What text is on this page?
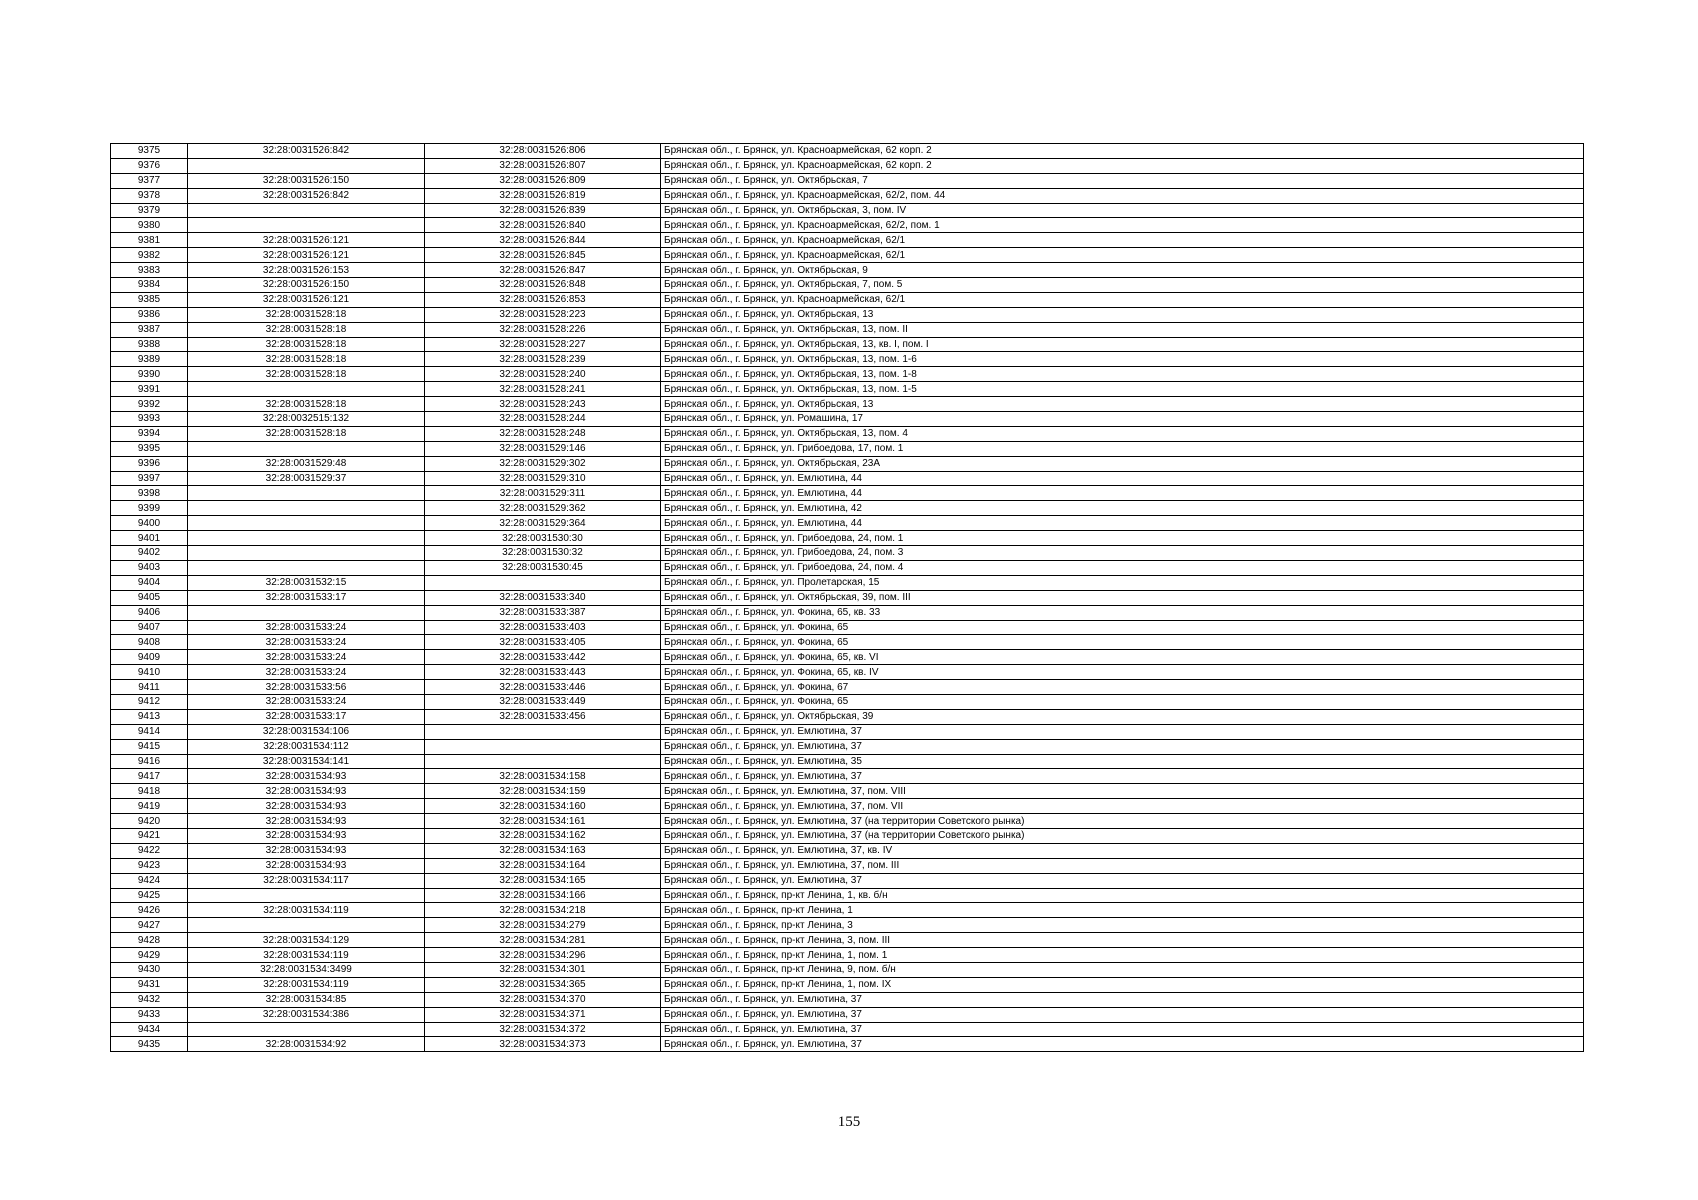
9375	32:28:0031526:842	32:28:0031526:806	Брянская обл., г. Брянск, ул. Красноармейская, 62 корп. 2
9376		32:28:0031526:807	Брянская обл., г. Брянск, ул. Красноармейская, 62 корп. 2
9377	32:28:0031526:150	32:28:0031526:809	Брянская обл., г. Брянск, ул. Октябрьская, 7
9378	32:28:0031526:842	32:28:0031526:819	Брянская обл., г. Брянск, ул. Красноармейская, 62/2, пом. 44
9379		32:28:0031526:839	Брянская обл., г. Брянск, ул. Октябрьская, 3, пом. IV
9380		32:28:0031526:840	Брянская обл., г. Брянск, ул. Красноармейская, 62/2, пом. 1
9381	32:28:0031526:121	32:28:0031526:844	Брянская обл., г. Брянск, ул. Красноармейская, 62/1
9382	32:28:0031526:121	32:28:0031526:845	Брянская обл., г. Брянск, ул. Красноармейская, 62/1
9383	32:28:0031526:153	32:28:0031526:847	Брянская обл., г. Брянск, ул. Октябрьская, 9
9384	32:28:0031526:150	32:28:0031526:848	Брянская обл., г. Брянск, ул. Октябрьская, 7, пом. 5
9385	32:28:0031526:121	32:28:0031526:853	Брянская обл., г. Брянск, ул. Красноармейская, 62/1
9386	32:28:0031528:18	32:28:0031528:223	Брянская обл., г. Брянск, ул. Октябрьская, 13
9387	32:28:0031528:18	32:28:0031528:226	Брянская обл., г. Брянск, ул. Октябрьская, 13, пом. II
9388	32:28:0031528:18	32:28:0031528:227	Брянская обл., г. Брянск, ул. Октябрьская, 13, кв. I, пом. I
9389	32:28:0031528:18	32:28:0031528:239	Брянская обл., г. Брянск, ул. Октябрьская, 13, пом. 1-6
9390	32:28:0031528:18	32:28:0031528:240	Брянская обл., г. Брянск, ул. Октябрьская, 13, пом. 1-8
9391		32:28:0031528:241	Брянская обл., г. Брянск, ул. Октябрьская, 13, пом. 1-5
9392	32:28:0031528:18	32:28:0031528:243	Брянская обл., г. Брянск, ул. Октябрьская, 13
9393	32:28:0032515:132	32:28:0031528:244	Брянская обл., г. Брянск, ул. Ромашина, 17
9394	32:28:0031528:18	32:28:0031528:248	Брянская обл., г. Брянск, ул. Октябрьская, 13, пом. 4
9395		32:28:0031529:146	Брянская обл., г. Брянск, ул. Грибоедова, 17, пом. 1
9396	32:28:0031529:48	32:28:0031529:302	Брянская обл., г. Брянск, ул. Октябрьская, 23А
9397	32:28:0031529:37	32:28:0031529:310	Брянская обл., г. Брянск, ул. Емлютина, 44
9398		32:28:0031529:311	Брянская обл., г. Брянск, ул. Емлютина, 44
9399		32:28:0031529:362	Брянская обл., г. Брянск, ул. Емлютина, 42
9400		32:28:0031529:364	Брянская обл., г. Брянск, ул. Емлютина, 44
9401		32:28:0031530:30	Брянская обл., г. Брянск, ул. Грибоедова, 24, пом. 1
9402		32:28:0031530:32	Брянская обл., г. Брянск, ул. Грибоедова, 24, пом. 3
9403		32:28:0031530:45	Брянская обл., г. Брянск, ул. Грибоедова, 24, пом. 4
9404	32:28:0031532:15		Брянская обл., г. Брянск, ул. Пролетарская, 15
9405	32:28:0031533:17	32:28:0031533:340	Брянская обл., г. Брянск, ул. Октябрьская, 39, пом. III
9406		32:28:0031533:387	Брянская обл., г. Брянск, ул. Фокина, 65, кв. 33
9407	32:28:0031533:24	32:28:0031533:403	Брянская обл., г. Брянск, ул. Фокина, 65
9408	32:28:0031533:24	32:28:0031533:405	Брянская обл., г. Брянск, ул. Фокина, 65
9409	32:28:0031533:24	32:28:0031533:442	Брянская обл., г. Брянск, ул. Фокина, 65, кв. VI
9410	32:28:0031533:24	32:28:0031533:443	Брянская обл., г. Брянск, ул. Фокина, 65, кв. IV
9411	32:28:0031533:56	32:28:0031533:446	Брянская обл., г. Брянск, ул. Фокина, 67
9412	32:28:0031533:24	32:28:0031533:449	Брянская обл., г. Брянск, ул. Фокина, 65
9413	32:28:0031533:17	32:28:0031533:456	Брянская обл., г. Брянск, ул. Октябрьская, 39
9414	32:28:0031534:106		Брянская обл., г. Брянск, ул. Емлютина, 37
9415	32:28:0031534:112		Брянская обл., г. Брянск, ул. Емлютина, 37
9416	32:28:0031534:141		Брянская обл., г. Брянск, ул. Емлютина, 35
9417	32:28:0031534:93	32:28:0031534:158	Брянская обл., г. Брянск, ул. Емлютина, 37
9418	32:28:0031534:93	32:28:0031534:159	Брянская обл., г. Брянск, ул. Емлютина, 37, пом. VIII
9419	32:28:0031534:93	32:28:0031534:160	Брянская обл., г. Брянск, ул. Емлютина, 37, пом. VII
9420	32:28:0031534:93	32:28:0031534:161	Брянская обл., г. Брянск, ул. Емлютина, 37 (на территории Советского рынка)
9421	32:28:0031534:93	32:28:0031534:162	Брянская обл., г. Брянск, ул. Емлютина, 37 (на территории Советского рынка)
9422	32:28:0031534:93	32:28:0031534:163	Брянская обл., г. Брянск, ул. Емлютина, 37, кв. IV
9423	32:28:0031534:93	32:28:0031534:164	Брянская обл., г. Брянск, ул. Емлютина, 37, пом. III
9424	32:28:0031534:117	32:28:0031534:165	Брянская обл., г. Брянск, ул. Емлютина, 37
9425		32:28:0031534:166	Брянская обл., г. Брянск, пр-кт Ленина, 1, кв. б/н
9426	32:28:0031534:119	32:28:0031534:218	Брянская обл., г. Брянск, пр-кт Ленина, 1
9427		32:28:0031534:279	Брянская обл., г. Брянск, пр-кт Ленина, 3
9428	32:28:0031534:129	32:28:0031534:281	Брянская обл., г. Брянск, пр-кт Ленина, 3, пом. III
9429	32:28:0031534:119	32:28:0031534:296	Брянская обл., г. Брянск, пр-кт Ленина, 1, пом. 1
9430	32:28:0031534:3499	32:28:0031534:301	Брянская обл., г. Брянск, пр-кт Ленина, 9, пом. б/н
9431	32:28:0031534:119	32:28:0031534:365	Брянская обл., г. Брянск, пр-кт Ленина, 1, пом. IX
9432	32:28:0031534:85	32:28:0031534:370	Брянская обл., г. Брянск, ул. Емлютина, 37
9433	32:28:0031534:386	32:28:0031534:371	Брянская обл., г. Брянск, ул. Емлютина, 37
9434		32:28:0031534:372	Брянская обл., г. Брянск, ул. Емлютина, 37
9435	32:28:0031534:92	32:28:0031534:373	Брянская обл., г. Брянск, ул. Емлютина, 37
155
